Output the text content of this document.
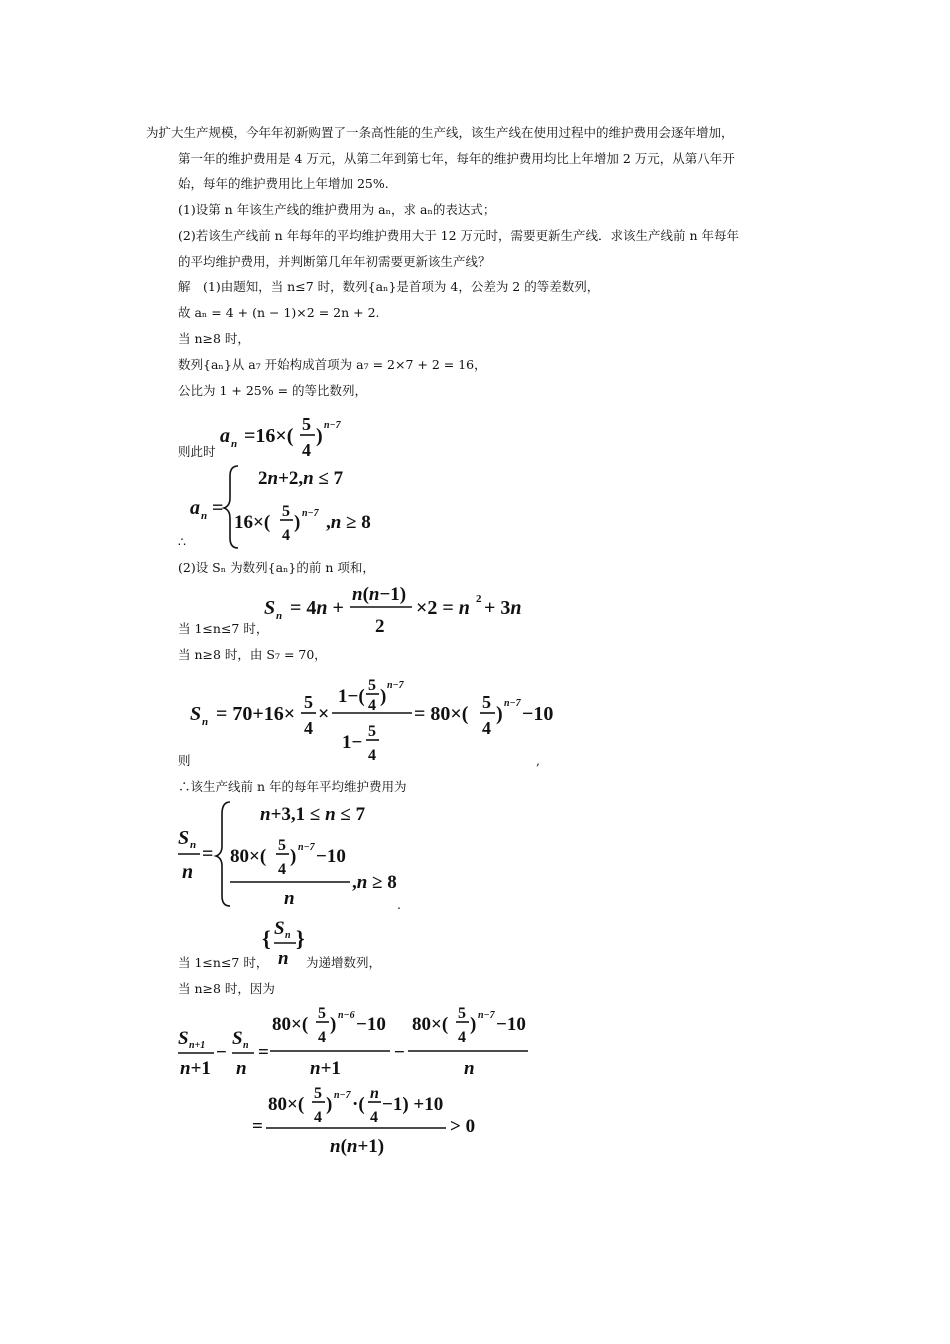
为扩大生产规模，今年年初新购置了一条高性能的生产线，该生产线在使用过程中的维护费用会逐年增加，
第一年的维护费用是 4 万元，从第二年到第七年，每年的维护费用均比上年增加 2 万元，从第八年开
始，每年的维护费用比上年增加 25%.
(1)设第 n 年该生产线的维护费用为 aₙ，求 aₙ的表达式；
(2)若该生产线前 n 年每年的平均维护费用大于 12 万元时，需要更新生产线．求该生产线前 n 年每年
的平均维护费用，并判断第几年年初需要更新该生产线？
解　(1)由题知，当 n≤7 时，数列{aₙ}是首项为 4，公差为 2 的等差数列，
故 aₙ = 4 + (n − 1)×2 = 2n + 2.
当 n≥8 时，
数列{aₙ}从 a₇ 开始构成首项为 a₇ = 2×7 + 2 = 16，
公比为 1 + 25% = 的等比数列，
a n =16×(
5
4
) n−7
则此时
a n =
2n+2,n ≤ 7
16×(
5
4
) n−7 ,n ≥ 8
∴
(2)设 Sₙ 为数列{aₙ}的前 n 项和，
S n = 4n +
n(n−1)
2
×2 = n 2 + 3n
当 1≤n≤7 时，
当 n≥8 时，由 S₇ = 70，
S n = 70+16×
5
4
×
1−(
5
4 )
n−7
1−
5
4
= 80×(
5
4
) n−7 −10
则	,
∴该生产线前 n 年的每年平均维护费用为
S n
n
=
n+3,1 ≤ n ≤ 7
80×(
5
4
) n−7 −10
n
,n ≥ 8
.
{ S n
n
}
当 1≤n≤7 时，	为递增数列，
当 n≥8 时，因为
S n+1
n+1
−
S n
n
=
80×(
5
4
) n−6 −10
n+1
−
80×(
5
4
) n−7 −10
n
=
80×(
5
4
) n−7 ·(
n
4
−1) +10
n(n+1)
> 0
